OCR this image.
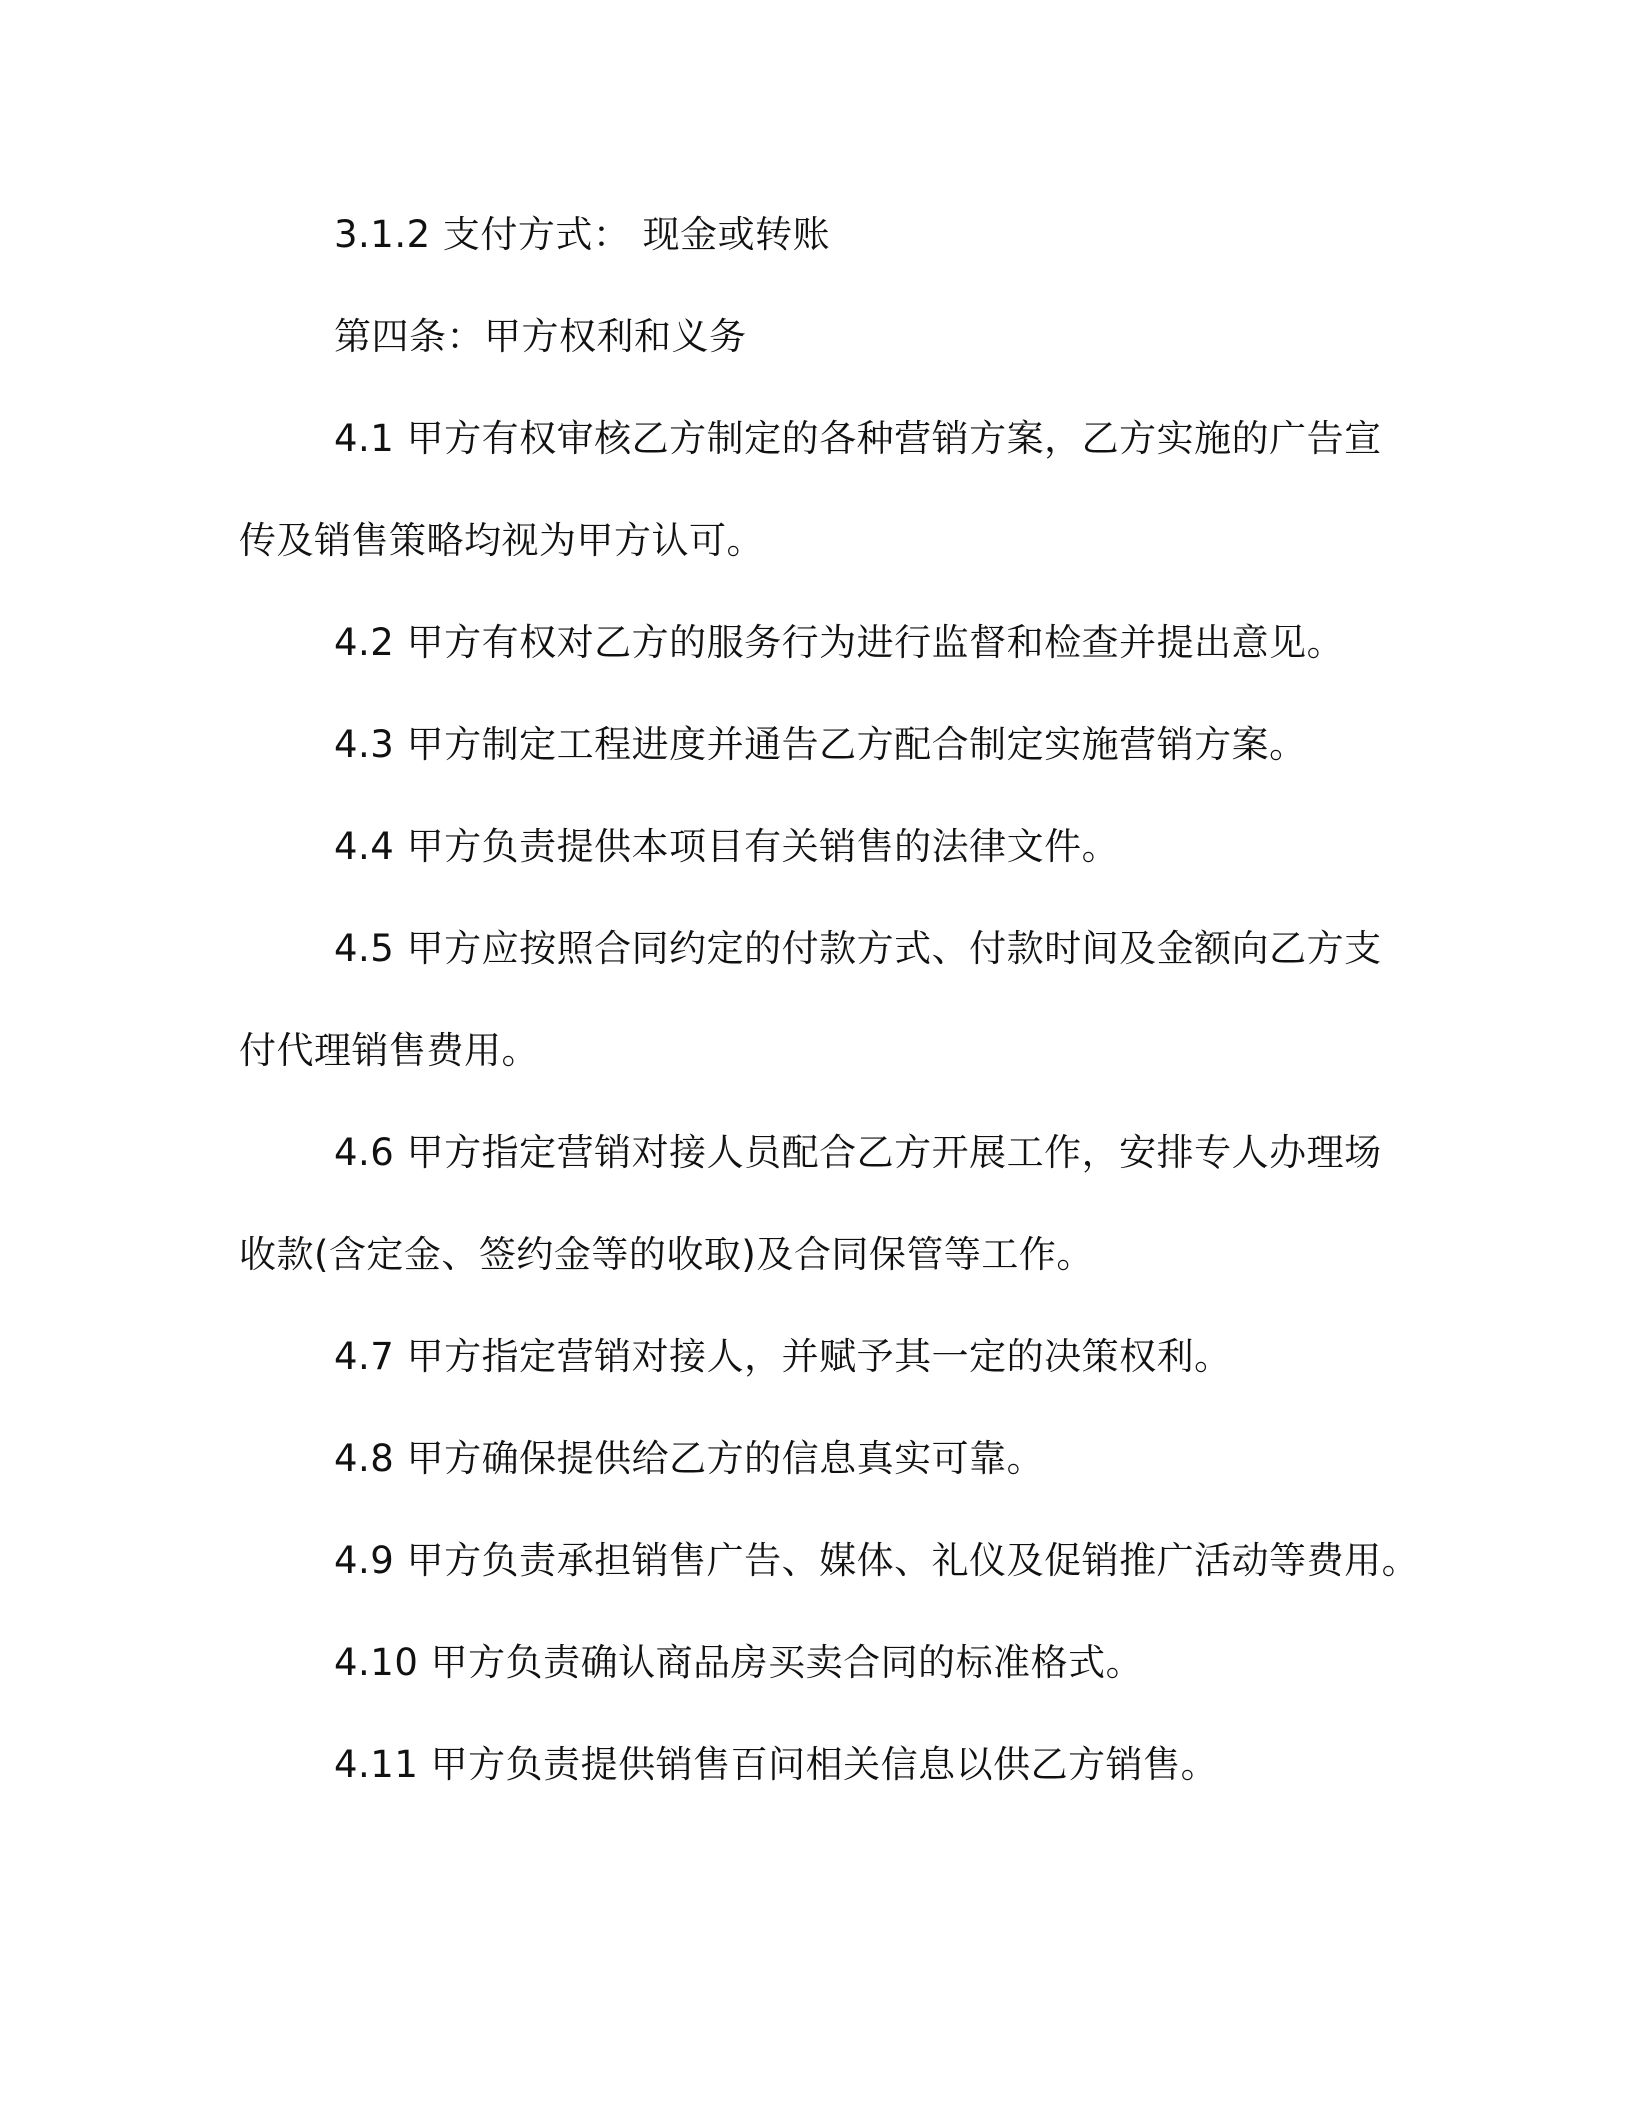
3.1.2 支付方式： 现金或转账

第四条：甲方权利和义务

4.1 甲方有权审核乙方制定的各种营销方案，乙方实施的广告宣传及销售策略均视为甲方认可。

4.2 甲方有权对乙方的服务行为进行监督和检查并提出意见。

4.3 甲方制定工程进度并通告乙方配合制定实施营销方案。

4.4 甲方负责提供本项目有关销售的法律文件。

4.5 甲方应按照合同约定的付款方式、付款时间及金额向乙方支付代理销售费用。

4.6 甲方指定营销对接人员配合乙方开展工作，安排专人办理场收款(含定金、签约金等的收取)及合同保管等工作。

4.7 甲方指定营销对接人，并赋予其一定的决策权利。

4.8 甲方确保提供给乙方的信息真实可靠。

4.9 甲方负责承担销售广告、媒体、礼仪及促销推广活动等费用。

4.10 甲方负责确认商品房买卖合同的标准格式。

4.11 甲方负责提供销售百问相关信息以供乙方销售。
